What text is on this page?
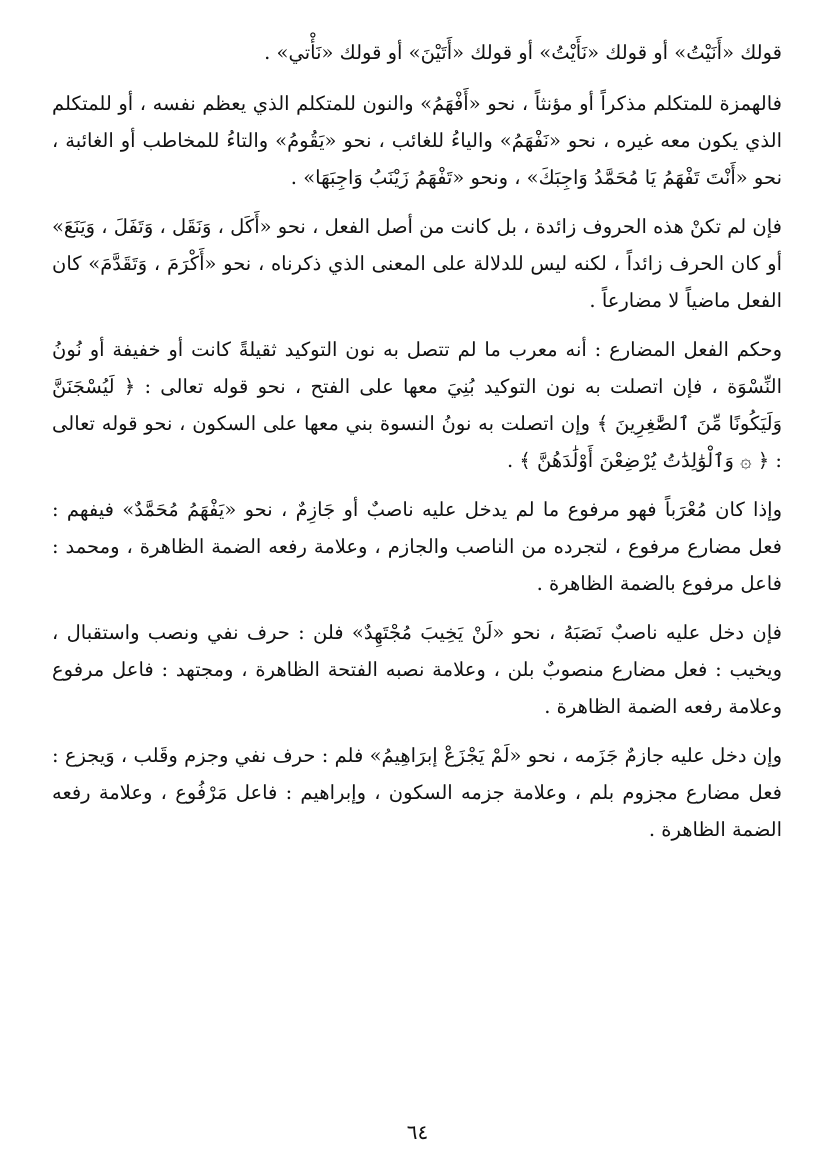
قولك «أَنَيْتُ» أو قولك «نَأَيْتُ» أو قولك «أَتَيْنَ» أو قولك «نَأْتي» .

فالهمزة للمتكلم مذكراً أو مؤنثاً ، نحو «أَفْهَمُ» والنون للمتكلم الذي يعظم نفسه ، أو للمتكلم الذي يكون معه غيره ، نحو «نَفْهَمُ» والياءُ للغائب ، نحو «يَقُومُ» والتاءُ للمخاطب أو الغائبة ، نحو «أَنْتَ تَفْهَمُ يَا مُحَمَّدُ وَاجِبَكَ» ، ونحو «تَفْهَمُ زَيْنَبُ وَاجِبَهَا» .

فإن لم تكنْ هذه الحروف زائدة ، بل كانت من أصل الفعل ، نحو «أَكَل ، وَنَقَل ، وَتَفَلَ ، وَيَنَعَ» أو كان الحرف زائداً ، لكنه ليس للدلالة على المعنى الذي ذكرناه ، نحو «أَكْرَمَ ، وَتَقَدَّمَ» كان الفعل ماضياً لا مضارعاً .

وحكم الفعل المضارع : أنه معرب ما لم تتصل به نون التوكيد ثقيلةً كانت أو خفيفة أو نُونُ النِّسْوَة ، فإن اتصلت به نون التوكيد بُنِيَ معها على الفتح ، نحو قوله تعالى : ﴿ لَيُسْجَنَنَّ وَلَيَكُونًا مِّنَ ٱلصَّٰغِرِينَ ﴾ وإن اتصلت به نونُ النسوة بني معها على السكون ، نحو قوله تعالى : ﴿ ۞ وَٱلْوَٰلِدَٰتُ يُرْضِعْنَ أَوْلَٰدَهُنَّ ﴾ .

وإذا كان مُعْرَباً فهو مرفوع ما لم يدخل عليه ناصبٌ أو جَازِمٌ ، نحو «يَفْهَمُ مُحَمَّدٌ» فيفهم : فعل مضارع مرفوع ، لتجرده من الناصب والجازم ، وعلامة رفعه الضمة الظاهرة ، ومحمد : فاعل مرفوع بالضمة الظاهرة .

فإن دخل عليه ناصبٌ نَصَبَهُ ، نحو «لَنْ يَخِيبَ مُجْتَهِدٌ» فلن : حرف نفي ونصب واستقبال ، ويخيب : فعل مضارع منصوبٌ بلن ، وعلامة نصبه الفتحة الظاهرة ، ومجتهد : فاعل مرفوع وعلامة رفعه الضمة الظاهرة .

وإن دخل عليه جازمٌ جَزَمه ، نحو «لَمْ يَجْزَعْ إبرَاهِيمُ» فلم : حرف نفي وجزم وقَلب ، وَيجزع : فعل مضارع مجزوم بلم ، وعلامة جزمه السكون ، وإبراهيم : فاعل مَرْفُوع ، وعلامة رفعه الضمة الظاهرة .

٦٤
